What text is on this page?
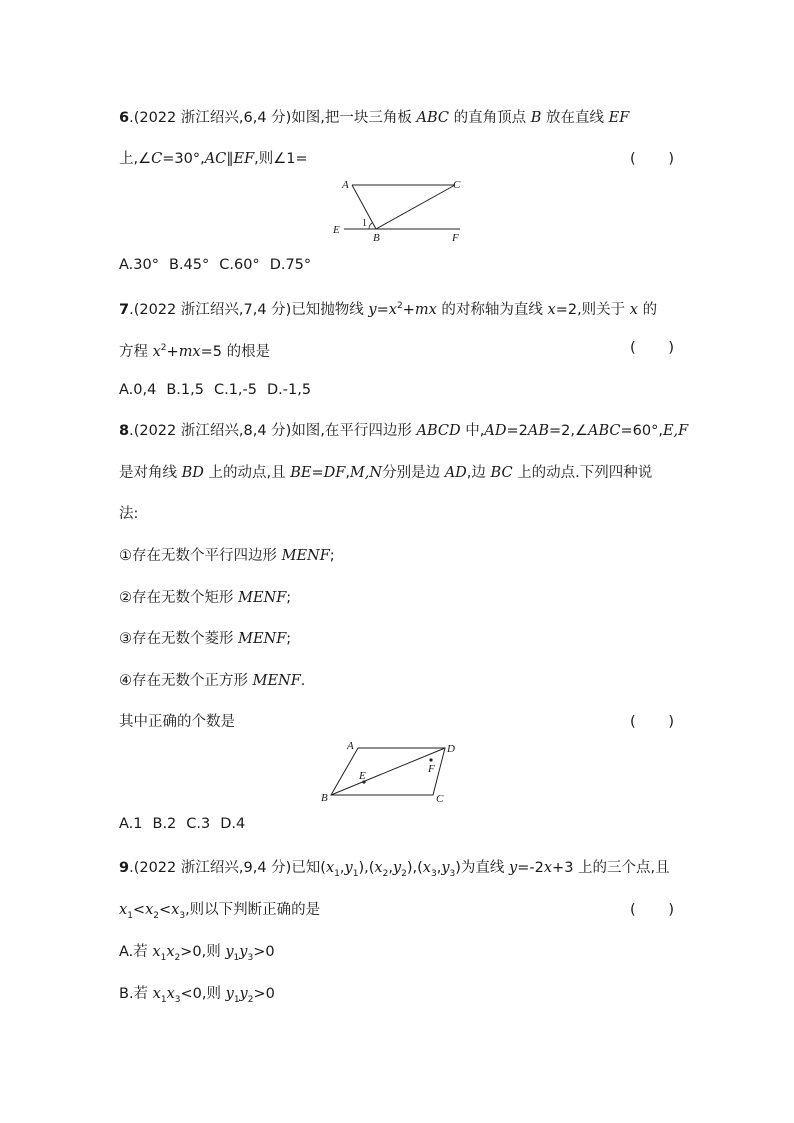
6.(2022 浙江绍兴,6,4 分)如图,把一块三角板 ABC 的直角顶点 B 放在直线 EF
上,∠C=30°,AC∥EF,则∠1=	( )
A	C
E
1
B	F
A.30° B.45° C.60° D.75°
7.(2022 浙江绍兴,7,4 分)已知抛物线 $y=x^2+mx$ 的对称轴为直线 x=2,则关于 x 的
方程 $x^2+mx=5$ 的根是	( )
A.0,4 B.1,5 C.1,-5 D.-1,5
8.(2022 浙江绍兴,8,4 分)如图,在平行四边形 ABCD 中,AD=2AB=2,∠ABC=60°,E,F
是对角线 BD 上的动点,且 BE=DF,M,N分别是边 AD,边 BC 上的动点.下列四种说
法:
①存在无数个平行四边形 MENF;
②存在无数个矩形 MENF;
③存在无数个菱形 MENF;
④存在无数个正方形 MENF.
其中正确的个数是	( )
A	D
E
F
B	C
A.1 B.2 C.3 D.4
9.(2022 浙江绍兴,9,4 分)已知$(x_1,y_1),(x_2,y_2),(x_3,y_3)$为直线 y=-2x+3 上的三个点,且
$x_1<x_2<x_3$,则以下判断正确的是	( )
A.若 $x_1x_2>0$,则 $y_1y_3>0$
B.若 $x_1x_3<0$,则 $y_1y_2>0$
